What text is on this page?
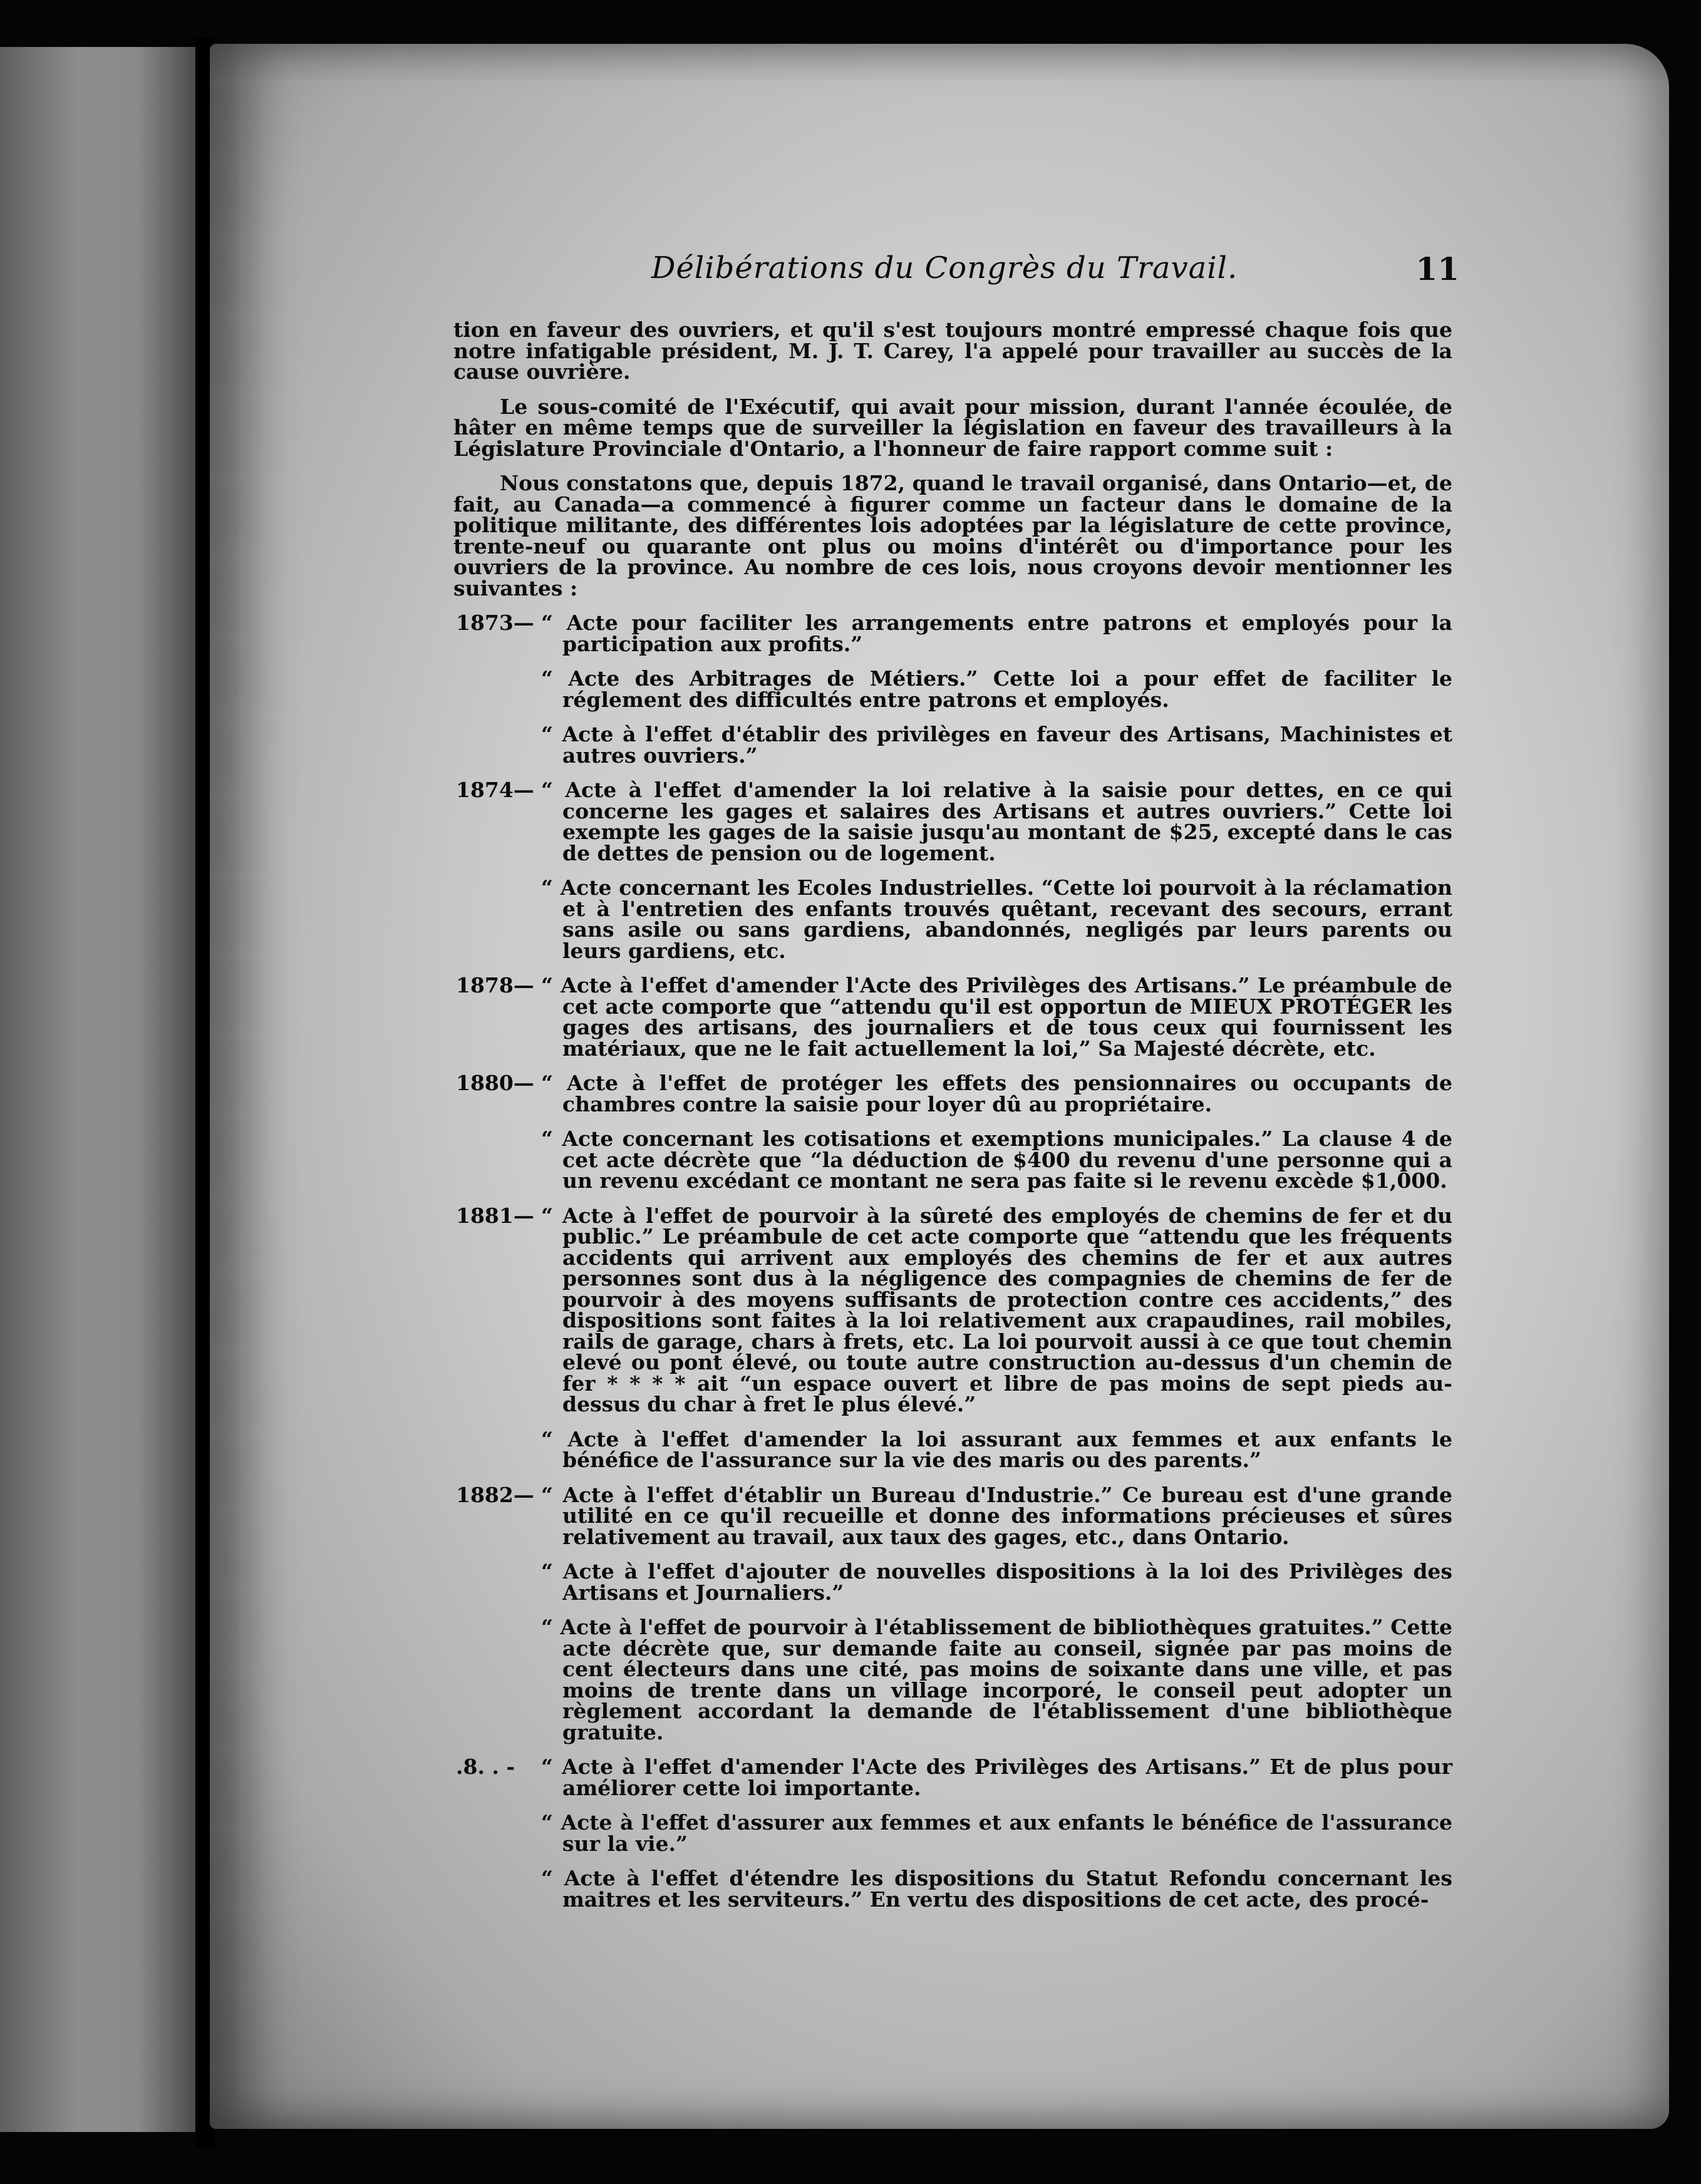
Délibérations du Congrès du Travail.	11

tion en faveur des ouvriers, et qu'il s'est toujours montré empressé chaque fois que notre infatigable président, M. J. T. Carey, l'a appelé pour travailler au succès de la cause ouvrière.

Le sous-comité de l'Exécutif, qui avait pour mission, durant l'année écoulée, de hâter en même temps que de surveiller la législation en faveur des travailleurs à la Législature Provinciale d'Ontario, a l'honneur de faire rapport comme suit :

Nous constatons que, depuis 1872, quand le travail organisé, dans Ontario—et, de fait, au Canada—a commencé à figurer comme un facteur dans le domaine de la politique militante, des différentes lois adoptées par la législature de cette province, trente-neuf ou quarante ont plus ou moins d'intérêt ou d'importance pour les ouvriers de la province. Au nombre de ces lois, nous croyons devoir mentionner les suivantes :

1873— “ Acte pour faciliter les arrangements entre patrons et employés pour la participation aux profits.”
“ Acte des Arbitrages de Métiers.” Cette loi a pour effet de faciliter le réglement des difficultés entre patrons et employés.
“ Acte à l'effet d'établir des privilèges en faveur des Artisans, Machinistes et autres ouvriers.”
1874— “ Acte à l'effet d'amender la loi relative à la saisie pour dettes, en ce qui concerne les gages et salaires des Artisans et autres ouvriers.” Cette loi exempte les gages de la saisie jusqu'au montant de $25, excepté dans le cas de dettes de pension ou de logement.
“ Acte concernant les Ecoles Industrielles. “Cette loi pourvoit à la réclamation et à l'entretien des enfants trouvés quêtant, recevant des secours, errant sans asile ou sans gardiens, abandonnés, negligés par leurs parents ou leurs gardiens, etc.
1878— “ Acte à l'effet d'amender l'Acte des Privilèges des Artisans.” Le préambule de cet acte comporte que “attendu qu'il est opportun de MIEUX PROTÉGER les gages des artisans, des journaliers et de tous ceux qui fournissent les matériaux, que ne le fait actuellement la loi,” Sa Majesté décrète, etc.
1880— “ Acte à l'effet de protéger les effets des pensionnaires ou occupants de chambres contre la saisie pour loyer dû au propriétaire.
“ Acte concernant les cotisations et exemptions municipales.” La clause 4 de cet acte décrète que “la déduction de $400 du revenu d'une personne qui a un revenu excédant ce montant ne sera pas faite si le revenu excède $1,000.
1881— “ Acte à l'effet de pourvoir à la sûreté des employés de chemins de fer et du public.” Le préambule de cet acte comporte que “attendu que les fréquents accidents qui arrivent aux employés des chemins de fer et aux autres personnes sont dus à la négligence des compagnies de chemins de fer de pourvoir à des moyens suffisants de protection contre ces accidents,” des dispositions sont faites à la loi relativement aux crapaudines, rail mobiles, rails de garage, chars à frets, etc. La loi pourvoit aussi à ce que tout chemin elevé ou pont élevé, ou toute autre construction au-dessus d'un chemin de fer * * * * ait “un espace ouvert et libre de pas moins de sept pieds au-dessus du char à fret le plus élevé.”
“ Acte à l'effet d'amender la loi assurant aux femmes et aux enfants le bénéfice de l'assurance sur la vie des maris ou des parents.”
1882— “ Acte à l'effet d'établir un Bureau d'Industrie.” Ce bureau est d'une grande utilité en ce qu'il recueille et donne des informations précieuses et sûres relativement au travail, aux taux des gages, etc., dans Ontario.
“ Acte à l'effet d'ajouter de nouvelles dispositions à la loi des Privilèges des Artisans et Journaliers.”
“ Acte à l'effet de pourvoir à l'établissement de bibliothèques gratuites.” Cette acte décrète que, sur demande faite au conseil, signée par pas moins de cent électeurs dans une cité, pas moins de soixante dans une ville, et pas moins de trente dans un village incorporé, le conseil peut adopter un règlement accordant la demande de l'établissement d'une bibliothèque gratuite.
.8. . -	“ Acte à l'effet d'amender l'Acte des Privilèges des Artisans.” Et de plus pour améliorer cette loi importante.
“ Acte à l'effet d'assurer aux femmes et aux enfants le bénéfice de l'assurance sur la vie.”
“ Acte à l'effet d'étendre les dispositions du Statut Refondu concernant les maitres et les serviteurs.” En vertu des dispositions de cet acte, des procé-
